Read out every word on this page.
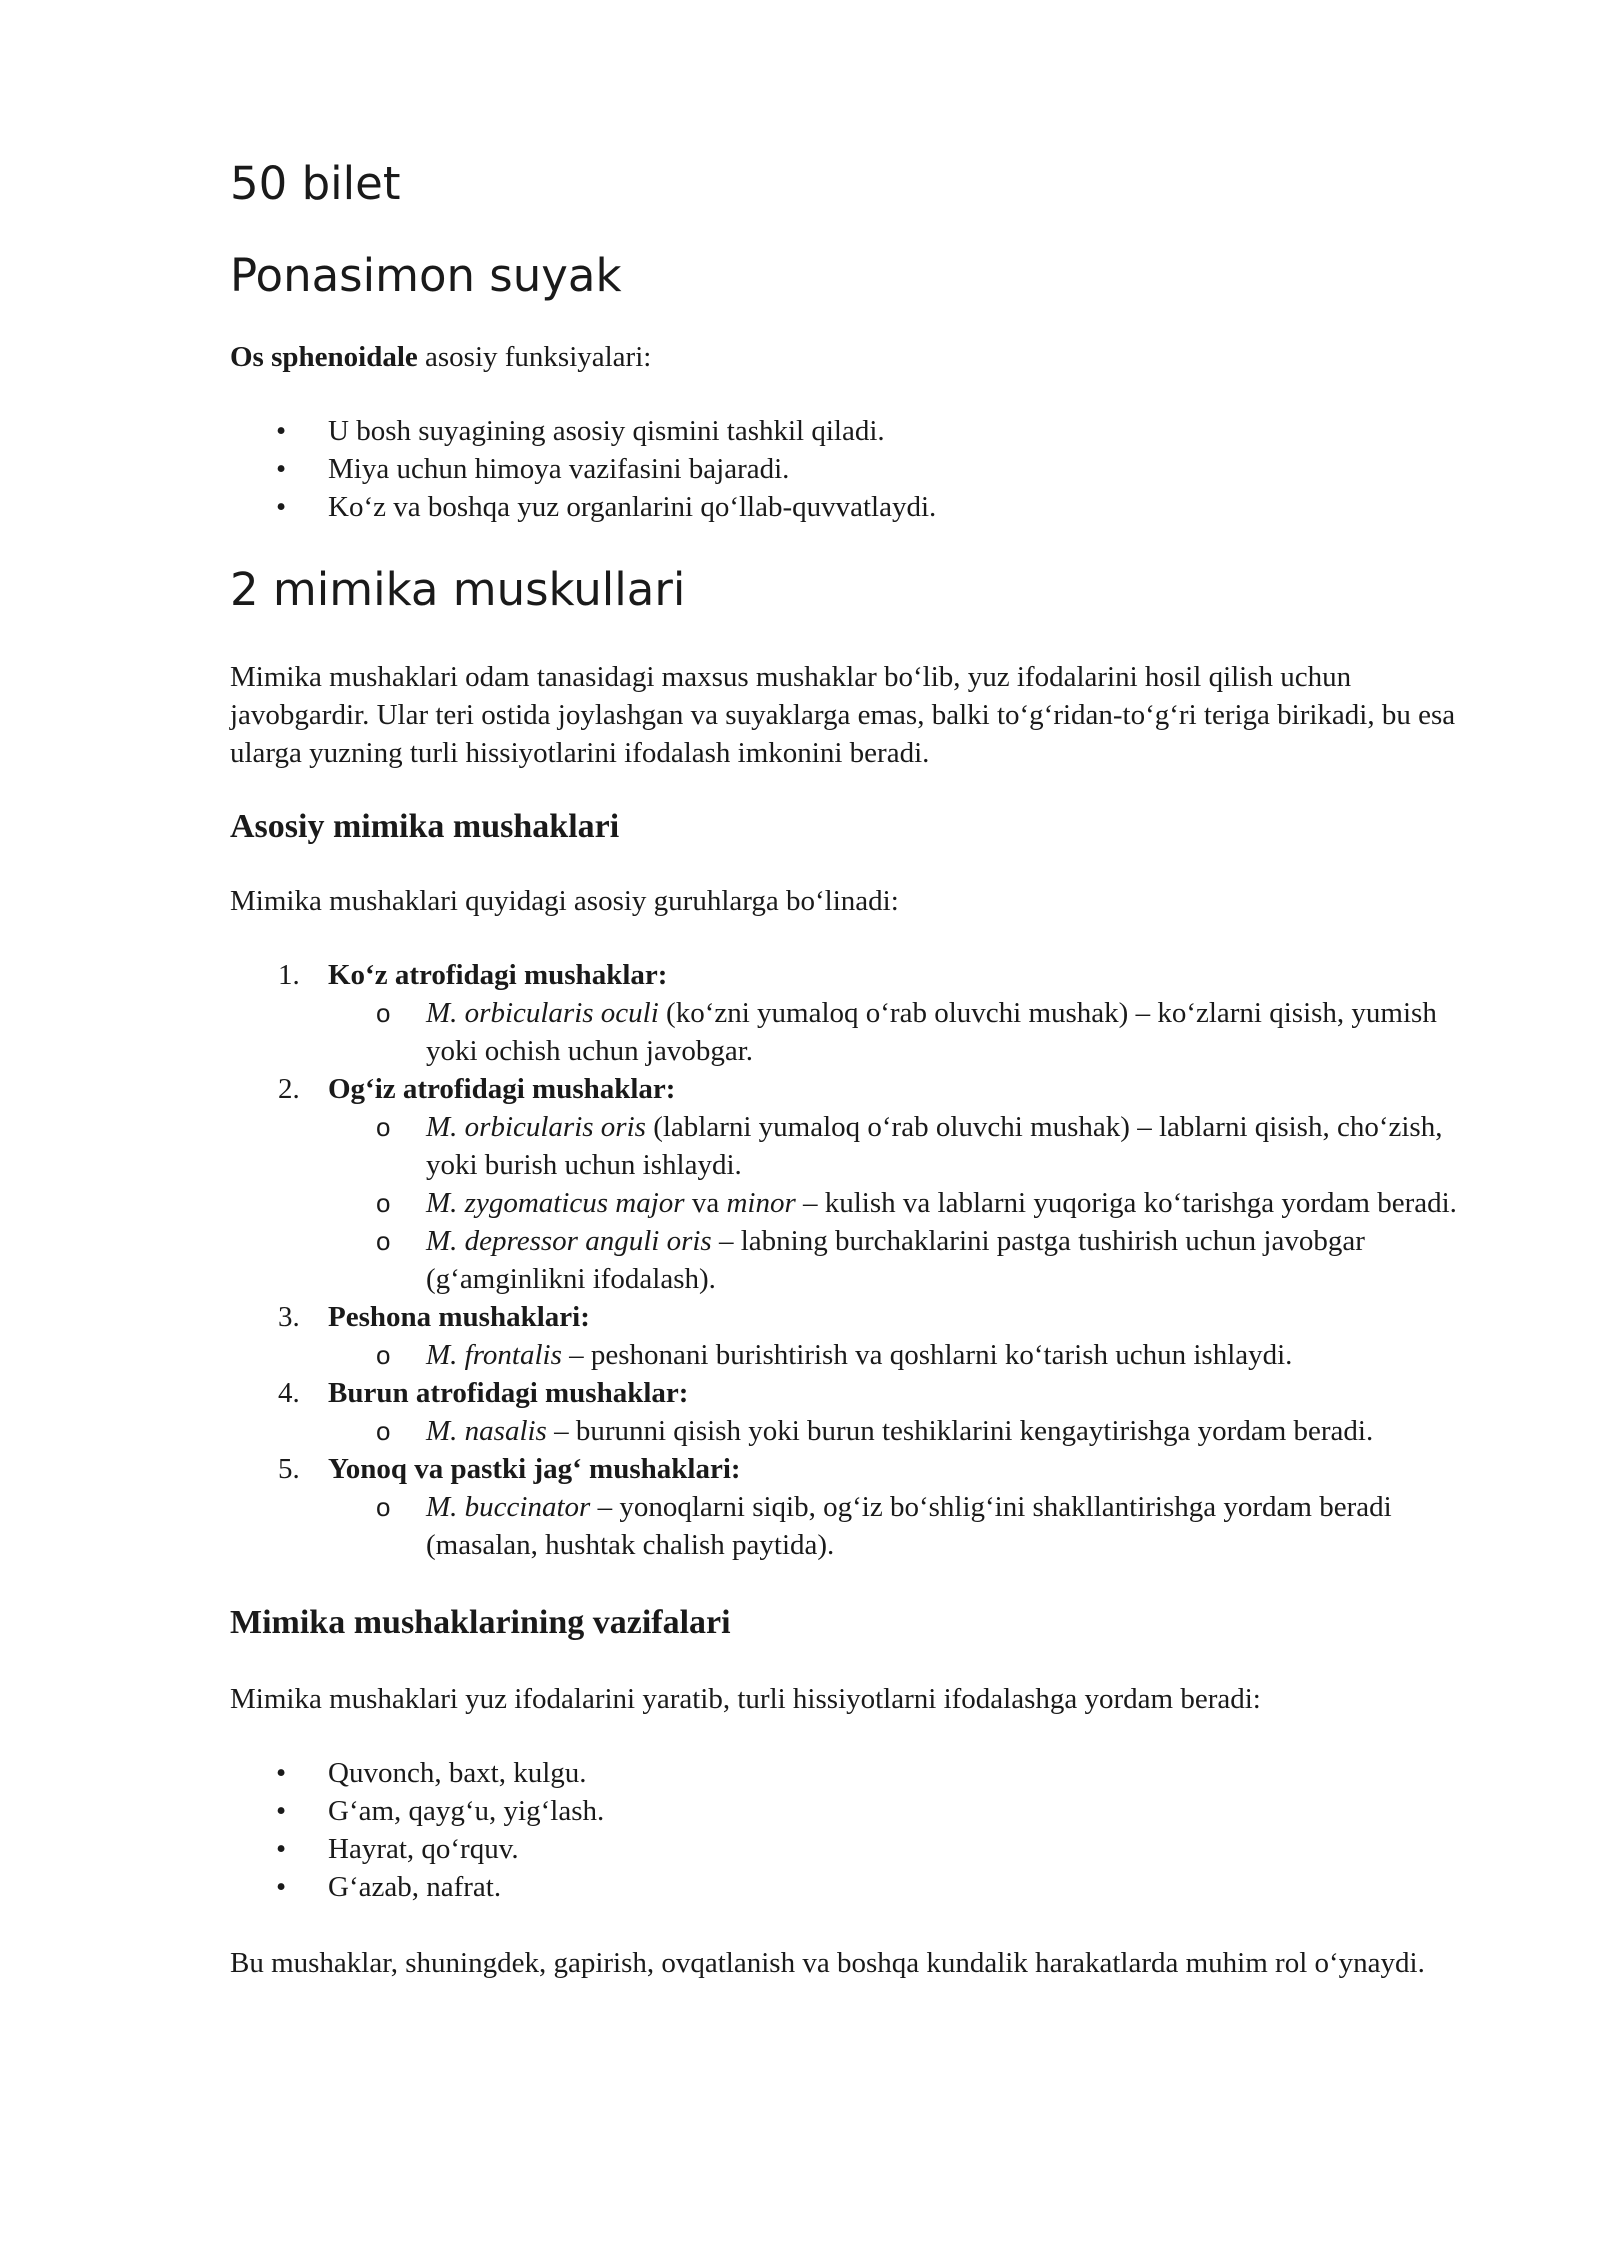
50 bilet
Ponasimon suyak

Os sphenoidale asosiy funksiyalari:

• U bosh suyagining asosiy qismini tashkil qiladi.
• Miya uchun himoya vazifasini bajaradi.
• Ko‘z va boshqa yuz organlarini qo‘llab-quvvatlaydi.
2 mimika muskullari

Mimika mushaklari odam tanasidagi maxsus mushaklar bo‘lib, yuz ifodalarini hosil qilish uchun javobgardir. Ular teri ostida joylashgan va suyaklarga emas, balki to‘g‘ridan-to‘g‘ri teriga birikadi, bu esa ularga yuzning turli hissiyotlarini ifodalash imkonini beradi.

Asosiy mimika mushaklari

Mimika mushaklari quyidagi asosiy guruhlarga bo‘linadi:

1. Ko‘z atrofidagi mushaklar:
o M. orbicularis oculi (ko‘zni yumaloq o‘rab oluvchi mushak) – ko‘zlarni qisish, yumish yoki ochish uchun javobgar.
2. Og‘iz atrofidagi mushaklar:
o M. orbicularis oris (lablarni yumaloq o‘rab oluvchi mushak) – lablarni qisish, cho‘zish, yoki burish uchun ishlaydi.
o M. zygomaticus major va minor – kulish va lablarni yuqoriga ko‘tarishga yordam beradi.
o M. depressor anguli oris – labning burchaklarini pastga tushirish uchun javobgar (g‘amginlikni ifodalash).
3. Peshona mushaklari:
o M. frontalis – peshonani burishtirish va qoshlarni ko‘tarish uchun ishlaydi.
4. Burun atrofidagi mushaklar:
o M. nasalis – burunni qisish yoki burun teshiklarini kengaytirishga yordam beradi.
5. Yonoq va pastki jag‘ mushaklari:
o M. buccinator – yonoqlarni siqib, og‘iz bo‘shlig‘ini shakllantirishga yordam beradi (masalan, hushtak chalish paytida).
Mimika mushaklarining vazifalari

Mimika mushaklari yuz ifodalarini yaratib, turli hissiyotlarni ifodalashga yordam beradi:

• Quvonch, baxt, kulgu.
• G‘am, qayg‘u, yig‘lash.
• Hayrat, qo‘rquv.
• G‘azab, nafrat.

Bu mushaklar, shuningdek, gapirish, ovqatlanish va boshqa kundalik harakatlarda muhim rol o‘ynaydi.
